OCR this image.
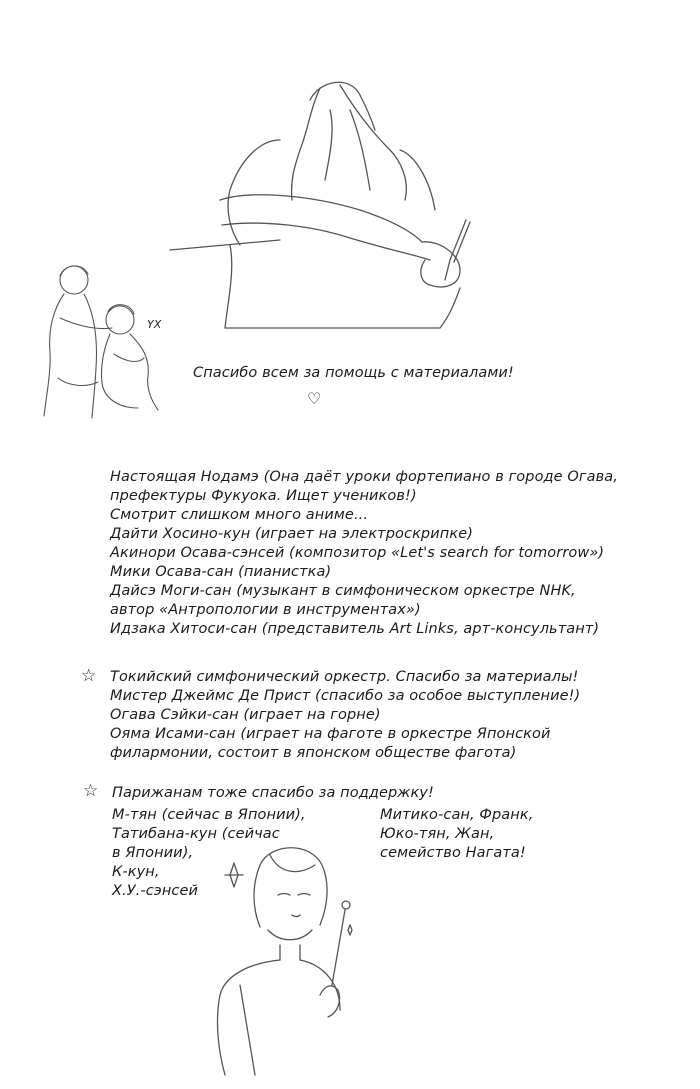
YX

Спасибо всем за помощь с материалами!

♡

Настоящая Нодамэ (Она даёт уроки фортепиано в городе Огава,
префектуры Фукуока. Ищет учеников!)
Смотрит слишком много аниме...
Дайти Хосино-кун (играет на электроскрипке)
Акинори Осава-сэнсей (композитор «Let's search for tomorrow»)
Мики Осава-сан (пианистка)
Дайсэ Моги-сан (музыкант в симфоническом оркестре NHK,
автор «Антропологии в инструментах»)
Идзака Хитоси-сан (представитель Art Links, арт-консультант)

☆ Токийский симфонический оркестр. Спасибо за материалы!
Мистер Джеймс Де Прист (спасибо за особое выступление!)
Огава Сэйки-сан (играет на горне)
Ояма Исами-сан (играет на фаготе в оркестре Японской
филармонии, состоит в японском обществе фагота)

☆ Парижанам тоже спасибо за поддержку!

М-тян (сейчас в Японии),
Татибана-кун (сейчас
в Японии),
К-кун,
Х.У.-сэнсей

Митико-сан, Франк,
Юко-тян, Жан,
семейство Нагата!
